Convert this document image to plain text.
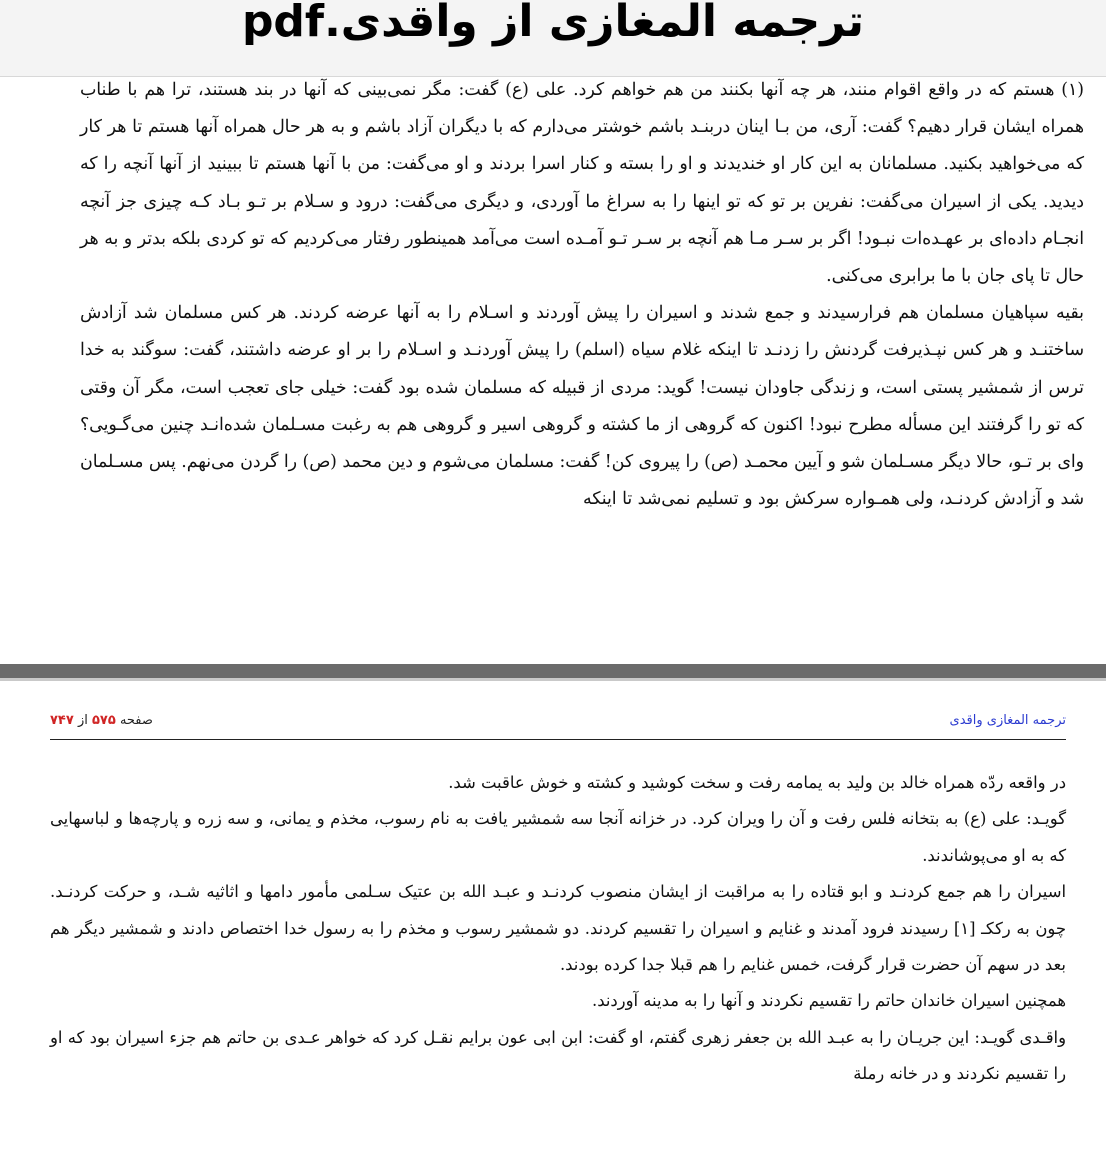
ترجمه المغازی از واقدی.pdf

(۱) هستم که در واقع اقوام منند، هر چه آنها بکنند من هم خواهم کرد. علی (ع) گفت: مگر نمی‌بینی که آنها در بند هستند، ترا هم با طناب همراه ایشان قرار دهیم؟ گفت: آری، من بـا اینان دربنـد باشم خوشتر می‌دارم که با دیگران آزاد باشم و به هر حال همراه آنها هستم تا هر کار که می‌خواهید بکنید. مسلمانان به این کار او خندیدند و او را بسته و کنار اسرا بردند و او می‌گفت: من با آنها هستم تا ببینید از آنها آنچه را که دیدید. یکی از اسیران می‌گفت: نفرین بر تو که تو اینها را به سراغ ما آوردی، و دیگری می‌گفت: درود و سـلام بر تـو بـاد کـه چیزی جز آنچه انجـام داده‌ای بر عهـده‌ات نبـود! اگر بر سـر مـا هم آنچه بر سـر تـو آمـده است می‌آمد همینطور رفتار می‌کردیم که تو کردی بلکه بدتر و به هر حال تا پای جان با ما برابری می‌کنی.

بقیه سپاهیان مسلمان هم فرارسیدند و جمع شدند و اسیران را پیش آوردند و اسـلام را به آنها عرضه کردند. هر کس مسلمان شد آزادش ساختنـد و هر کس نپـذیرفت گردنش را زدنـد تا اینکه غلام سیاه (اسلم) را پیش آوردنـد و اسـلام را بر او عرضه داشتند، گفت: سوگند به خدا ترس از شمشیر پستی است، و زندگی جاودان نیست! گوید: مردی از قبیله که مسلمان شده بود گفت: خیلی جای تعجب است، مگر آن وقتی که تو را گرفتند این مسأله مطرح نبود! اکنون که گروهی از ما کشته و گروهی اسیر و گروهی هم به رغبت مسـلمان شده‌انـد چنین می‌گـویی؟ وای بر تـو، حالا دیگر مسـلمان شو و آیین محمـد (ص) را پیروی کن! گفت: مسلمان می‌شوم و دین محمد (ص) را گردن می‌نهم. پس مسـلمان شد و آزادش کردنـد، ولی همـواره سرکش بود و تسلیم نمی‌شد تا اینکه

ترجمه المغازی واقدی
صفحه ۵۷۵ از ۷۴۷

در واقعه ردّه همراه خالد بن ولید به یمامه رفت و سخت کوشید و کشته و خوش عاقبت شد.

گویـد: علی (ع) به بتخانه فلس رفت و آن را ویران کرد. در خزانه آنجا سه شمشیر یافت به نام رسوب، مخذم و یمانی، و سه زره و پارچه‌ها و لباسهایی که به او می‌پوشاندند.

اسیران را هم جمع کردنـد و ابو قتاده را به مراقبت از ایشان منصوب کردنـد و عبـد الله بن عتیک سـلمی مأمور دامها و اثاثیه شـد، و حرکت کردنـد. چون به رککـ [۱] رسیدند فرود آمدند و غنایم و اسیران را تقسیم کردند. دو شمشیر رسوب و مخذم را به رسول خدا اختصاص دادند و شمشیر دیگر هم بعد در سهم آن حضرت قرار گرفت، خمس غنایم را هم قبلا جدا کرده بودند.

همچنین اسیران خاندان حاتم را تقسیم نکردند و آنها را به مدینه آوردند.

واقـدی گویـد: این جریـان را به عبـد الله بن جعفر زهری گفتم، او گفت: ابن ابی عون برایم نقـل کرد که خواهر عـدی بن حاتم هم جزء اسیران بود که او را تقسیم نکردند و در خانه رملة
